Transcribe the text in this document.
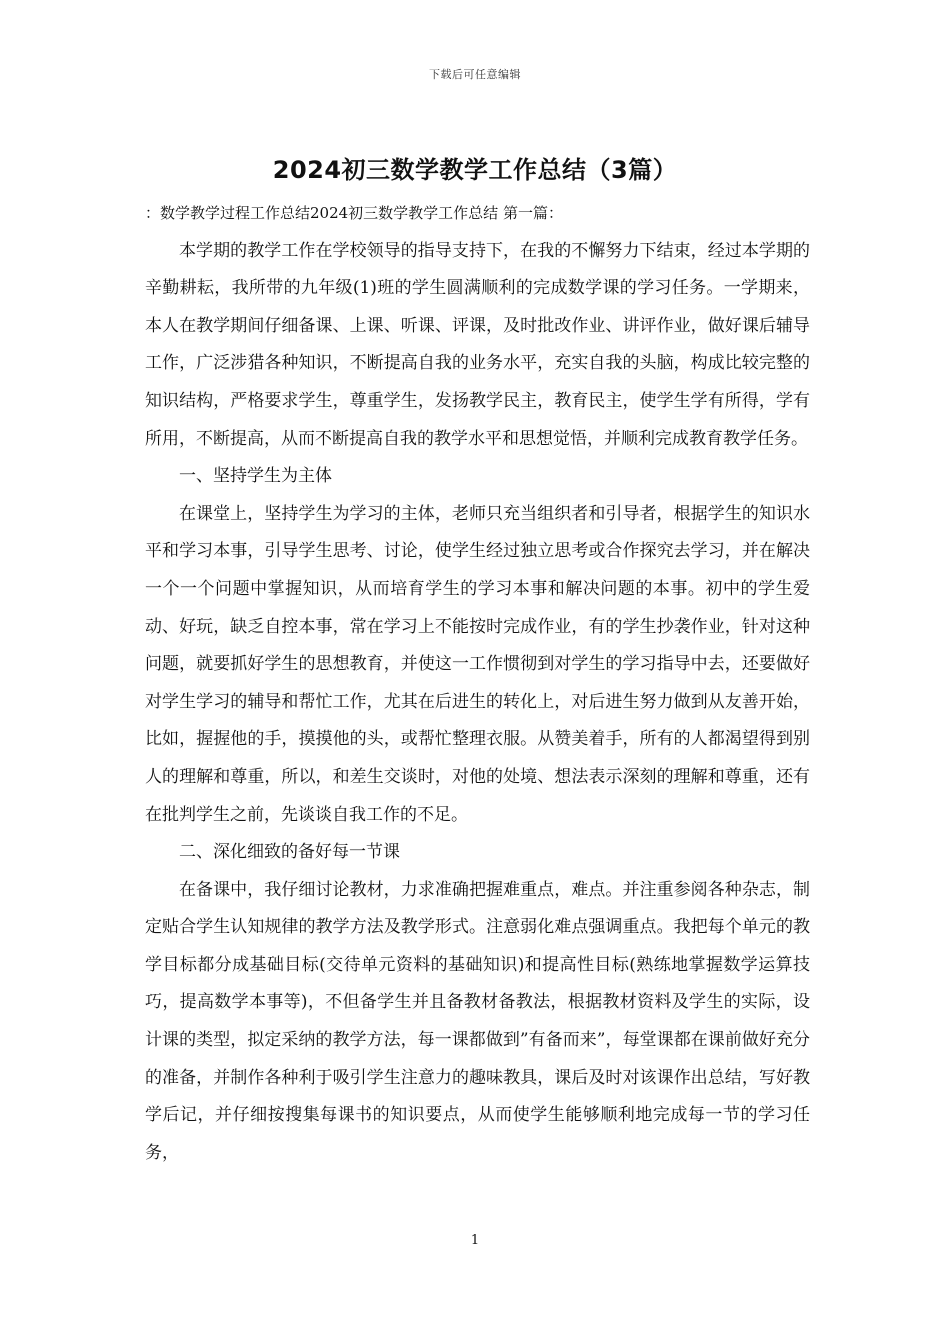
下载后可任意编辑
2024初三数学教学工作总结（3篇）

：数学教学过程工作总结2024初三数学教学工作总结 第一篇：

本学期的教学工作在学校领导的指导支持下，在我的不懈努力下结束，经过本学期的辛勤耕耘，我所带的九年级(1)班的学生圆满顺利的完成数学课的学习任务。一学期来，本人在教学期间仔细备课、上课、听课、评课，及时批改作业、讲评作业，做好课后辅导工作，广泛涉猎各种知识，不断提高自我的业务水平，充实自我的头脑，构成比较完整的知识结构，严格要求学生，尊重学生，发扬教学民主，教育民主，使学生学有所得，学有所用，不断提高，从而不断提高自我的教学水平和思想觉悟，并顺利完成教育教学任务。

一、坚持学生为主体

在课堂上，坚持学生为学习的主体，老师只充当组织者和引导者，根据学生的知识水平和学习本事，引导学生思考、讨论，使学生经过独立思考或合作探究去学习，并在解决一个一个问题中掌握知识，从而培育学生的学习本事和解决问题的本事。初中的学生爱动、好玩，缺乏自控本事，常在学习上不能按时完成作业，有的学生抄袭作业，针对这种问题，就要抓好学生的思想教育，并使这一工作惯彻到对学生的学习指导中去，还要做好对学生学习的辅导和帮忙工作，尤其在后进生的转化上，对后进生努力做到从友善开始，比如，握握他的手，摸摸他的头，或帮忙整理衣服。从赞美着手，所有的人都渴望得到别人的理解和尊重，所以，和差生交谈时，对他的处境、想法表示深刻的理解和尊重，还有在批判学生之前，先谈谈自我工作的不足。

二、深化细致的备好每一节课

在备课中，我仔细讨论教材，力求准确把握难重点，难点。并注重参阅各种杂志，制定贴合学生认知规律的教学方法及教学形式。注意弱化难点强调重点。我把每个单元的教学目标都分成基础目标(交待单元资料的基础知识)和提高性目标(熟练地掌握数学运算技巧，提高数学本事等)，不但备学生并且备教材备教法，根据教材资料及学生的实际，设计课的类型，拟定采纳的教学方法，每一课都做到”有备而来”，每堂课都在课前做好充分的准备，并制作各种利于吸引学生注意力的趣味教具，课后及时对该课作出总结，写好教学后记，并仔细按搜集每课书的知识要点，从而使学生能够顺利地完成每一节的学习任务，

1
